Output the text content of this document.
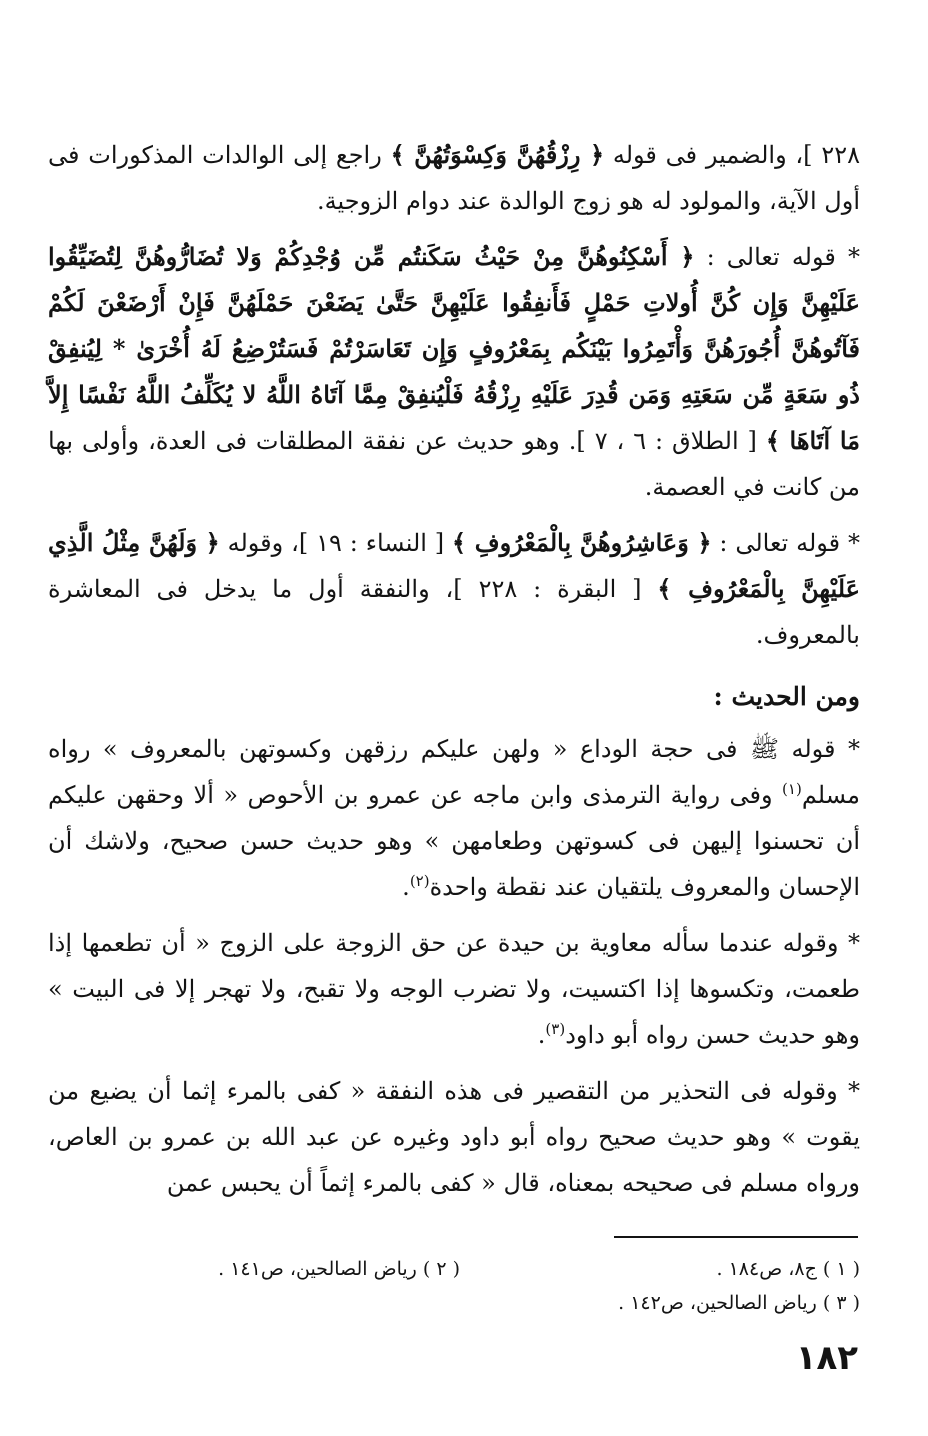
٢٢٨ ]، والضمير فى قوله ﴿ رِزْقُهُنَّ وَكِسْوَتُهُنَّ ﴾ راجع إلى الوالدات المذكورات فى أول الآية، والمولود له هو زوج الوالدة عند دوام الزوجية.

* قوله تعالى : ﴿ أَسْكِنُوهُنَّ مِنْ حَيْثُ سَكَنتُم مِّن وُجْدِكُمْ وَلا تُضَارُّوهُنَّ لِتُضَيِّقُوا عَلَيْهِنَّ وَإِن كُنَّ أُولاتِ حَمْلٍ فَأَنفِقُوا عَلَيْهِنَّ حَتَّىٰ يَضَعْنَ حَمْلَهُنَّ فَإِنْ أَرْضَعْنَ لَكُمْ فَآتُوهُنَّ أُجُورَهُنَّ وَأْتَمِرُوا بَيْنَكُم بِمَعْرُوفٍ وَإِن تَعَاسَرْتُمْ فَسَتُرْضِعُ لَهُ أُخْرَىٰ * لِيُنفِقْ ذُو سَعَةٍ مِّن سَعَتِهِ وَمَن قُدِرَ عَلَيْهِ رِزْقُهُ فَلْيُنفِقْ مِمَّا آتَاهُ اللَّهُ لا يُكَلِّفُ اللَّهُ نَفْسًا إِلاَّ مَا آتَاهَا ﴾ [ الطلاق : ٦ ، ٧ ]. وهو حديث عن نفقة المطلقات فى العدة، وأولى بها من كانت في العصمة.

* قوله تعالى : ﴿ وَعَاشِرُوهُنَّ بِالْمَعْرُوفِ ﴾ [ النساء : ١٩ ]، وقوله ﴿ وَلَهُنَّ مِثْلُ الَّذِي عَلَيْهِنَّ بِالْمَعْرُوفِ ﴾ [ البقرة : ٢٢٨ ]، والنفقة أول ما يدخل فى المعاشرة بالمعروف.

ومن الحديث :

* قوله ﷺ فى حجة الوداع « ولهن عليكم رزقهن وكسوتهن بالمعروف » رواه مسلم$^{(١)}$ وفى رواية الترمذى وابن ماجه عن عمرو بن الأحوص « ألا وحقهن عليكم أن تحسنوا إليهن فى كسوتهن وطعامهن » وهو حديث حسن صحيح، ولاشك أن الإحسان والمعروف يلتقيان عند نقطة واحدة$^{(٢)}$.

* وقوله عندما سأله معاوية بن حيدة عن حق الزوجة على الزوج « أن تطعمها إذا طعمت، وتكسوها إذا اكتسيت، ولا تضرب الوجه ولا تقبح، ولا تهجر إلا فى البيت » وهو حديث حسن رواه أبو داود$^{(٣)}$.

* وقوله فى التحذير من التقصير فى هذه النفقة « كفى بالمرء إثما أن يضيع من يقوت » وهو حديث صحيح رواه أبو داود وغيره عن عبد الله بن عمرو بن العاص، ورواه مسلم فى صحيحه بمعناه، قال « كفى بالمرء إثماً أن يحبس عمن

( ١ ) ج٨، ص١٨٤ .
( ٢ ) رياض الصالحين، ص١٤١ .
( ٣ ) رياض الصالحين، ص١٤٢ .
١٨٢
